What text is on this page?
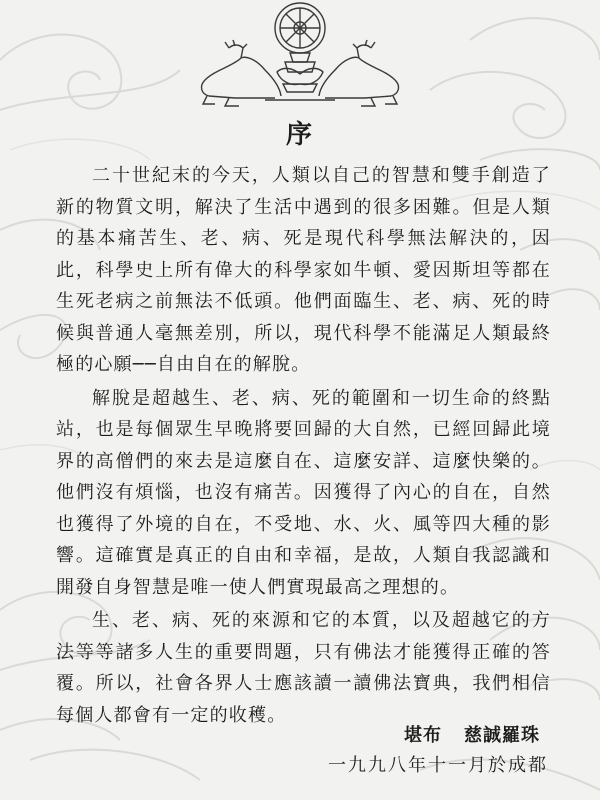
序

二十世紀末的今天，人類以自己的智慧和雙手創造了新的物質文明，解決了生活中遇到的很多困難。但是人類的基本痛苦生、老、病、死是現代科學無法解決的，因此，科學史上所有偉大的科學家如牛頓、愛因斯坦等都在生死老病之前無法不低頭。他們面臨生、老、病、死的時候與普通人毫無差別，所以，現代科學不能滿足人類最終極的心願──自由自在的解脫。

解脫是超越生、老、病、死的範圍和一切生命的終點站，也是每個眾生早晚將要回歸的大自然，已經回歸此境界的高僧們的來去是這麼自在、這麼安詳、這麼快樂的。他們沒有煩惱，也沒有痛苦。因獲得了內心的自在，自然也獲得了外境的自在，不受地、水、火、風等四大種的影響。這確實是真正的自由和幸福，是故，人類自我認識和開發自身智慧是唯一使人們實現最高之理想的。

生、老、病、死的來源和它的本質，以及超越它的方法等等諸多人生的重要問題，只有佛法才能獲得正確的答覆。所以，社會各界人士應該讀一讀佛法寶典，我們相信每個人都會有一定的收穫。

堪布 慈誠羅珠
一九九八年十一月於成都
